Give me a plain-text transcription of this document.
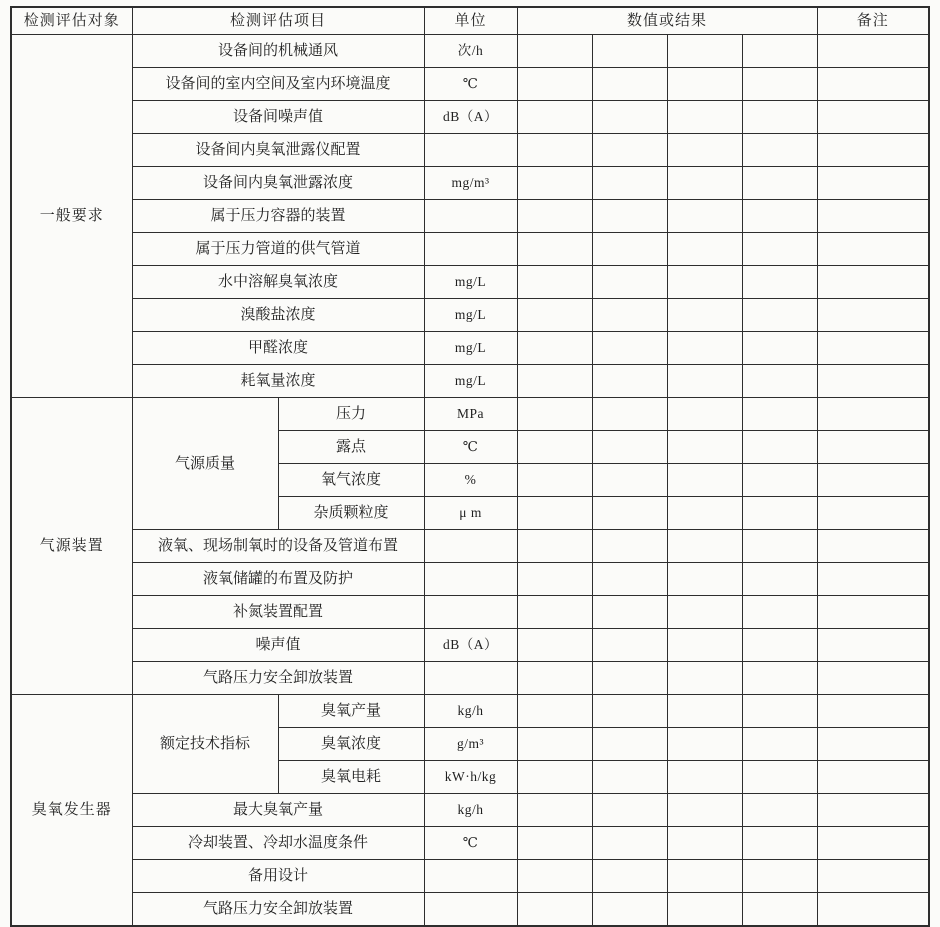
检测评估对象	检测评估项目		单位	数值或结果				备注
一般要求	设备间的机械通风		次/h					
	设备间的室内空间及室内环境温度		℃					
	设备间噪声值		dB（A）					
	设备间内臭氧泄露仪配置							
	设备间内臭氧泄露浓度		mg/m³					
	属于压力容器的装置							
	属于压力管道的供气管道							
	水中溶解臭氧浓度		mg/L					
	溴酸盐浓度		mg/L					
	甲醛浓度		mg/L					
	耗氧量浓度		mg/L					
气源装置	气源质量	压力	MPa					
		露点	℃					
		氧气浓度	%					
		杂质颗粒度	μ m					
	液氧、现场制氧时的设备及管道布置							
	液氧储罐的布置及防护							
	补氮装置配置							
	噪声值		dB（A）					
	气路压力安全卸放装置							
臭氧发生器	额定技术指标	臭氧产量	kg/h					
		臭氧浓度	g/m³					
		臭氧电耗	kW·h/kg					
	最大臭氧产量		kg/h					
	冷却装置、冷却水温度条件		℃					
	备用设计							
	气路压力安全卸放装置							
